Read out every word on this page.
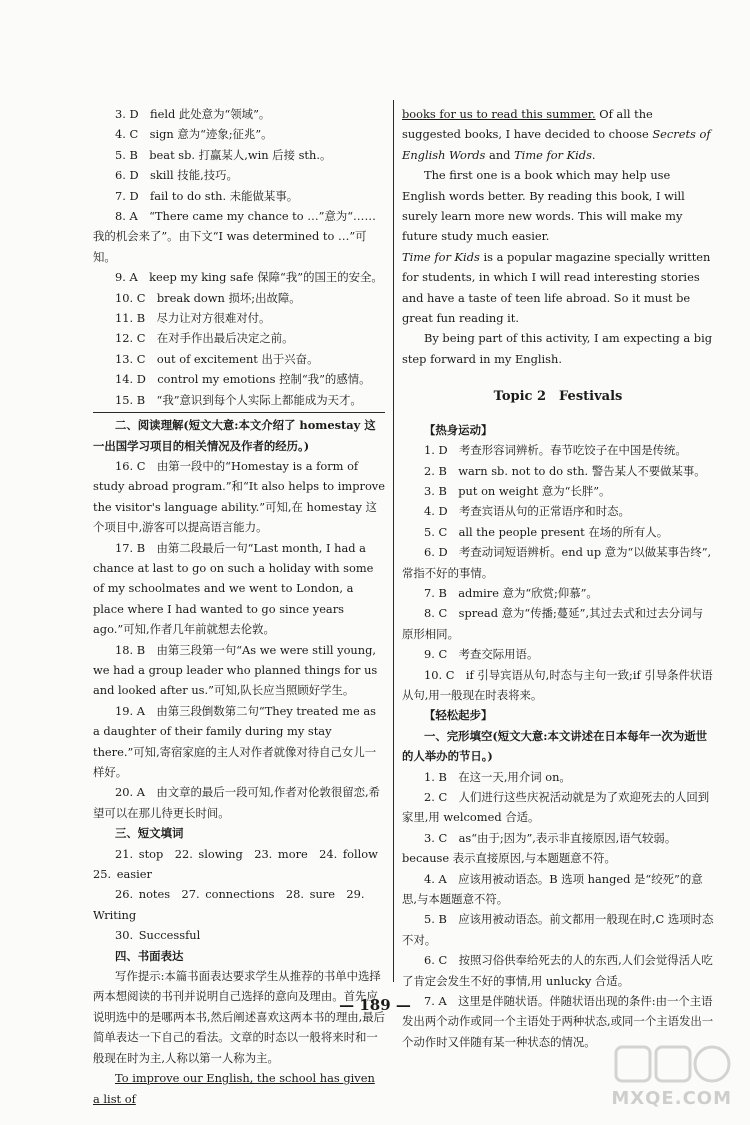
3. D　field 此处意为“领域”。

4. C　sign 意为“迹象;征兆”。

5. B　beat sb. 打赢某人,win 后接 sth.。

6. D　skill 技能,技巧。

7. D　fail to do sth. 未能做某事。

8. A　“There came my chance to …”意为“……我的机会来了”。由下文“I was determined to …”可知。

9. A　keep my king safe 保障“我”的国王的安全。

10. C　break down 损坏;出故障。

11. B　尽力让对方很难对付。

12. C　在对手作出最后决定之前。

13. C　out of excitement 出于兴奋。

14. D　control my emotions 控制“我”的感情。

15. B　“我”意识到每个人实际上都能成为天才。

二、阅读理解(短文大意:本文介绍了 homestay 这一出国学习项目的相关情况及作者的经历。)

16. C　由第一段中的“Homestay is a form of study abroad program.”和“It also helps to improve the visitor's language ability.”可知,在 homestay 这个项目中,游客可以提高语言能力。

17. B　由第二段最后一句“Last month, I had a chance at last to go on such a holiday with some of my schoolmates and we went to London, a place where I had wanted to go since years ago.”可知,作者几年前就想去伦敦。

18. B　由第三段第一句“As we were still young, we had a group leader who planned things for us and looked after us.”可知,队长应当照顾好学生。

19. A　由第三段倒数第二句“They treated me as a daughter of their family during my stay there.”可知,寄宿家庭的主人对作者就像对待自己女儿一样好。

20. A　由文章的最后一段可知,作者对伦敦很留恋,希望可以在那儿待更长时间。

三、短文填词

21. stop　22. slowing　23. more　24. follow　25. easier

26. notes　27. connections　28. sure　29. Writing

30. Successful

四、书面表达

写作提示:本篇书面表达要求学生从推荐的书单中选择两本想阅读的书刊并说明自己选择的意向及理由。首先应说明选中的是哪两本书,然后阐述喜欢这两本书的理由,最后简单表达一下自己的看法。文章的时态以一般将来时和一般现在时为主,人称以第一人称为主。

To improve our English, the school has given a list of

books for us to read this summer. Of all the suggested books, I have decided to choose Secrets of English Words and Time for Kids.

The first one is a book which may help use English words better. By reading this book, I will surely learn more new words. This will make my future study much easier.

Time for Kids is a popular magazine specially written for students, in which I will read interesting stories and have a taste of teen life abroad. So it must be great fun reading it.

By being part of this activity, I am expecting a big step forward in my English.

Topic 2　Festivals

【热身运动】

1. D　考查形容词辨析。春节吃饺子在中国是传统。

2. B　warn sb. not to do sth. 警告某人不要做某事。

3. B　put on weight 意为“长胖”。

4. D　考查宾语从句的正常语序和时态。

5. C　all the people present 在场的所有人。

6. D　考查动词短语辨析。end up 意为“以做某事告终”,常指不好的事情。

7. B　admire 意为“欣赏;仰慕”。

8. C　spread 意为“传播;蔓延”,其过去式和过去分词与原形相同。

9. C　考查交际用语。

10. C　if 引导宾语从句,时态与主句一致;if 引导条件状语从句,用一般现在时表将来。

【轻松起步】

一、完形填空(短文大意:本文讲述在日本每年一次为逝世的人举办的节日。)

1. B　在这一天,用介词 on。

2. C　人们进行这些庆祝活动就是为了欢迎死去的人回到家里,用 welcomed 合适。

3. C　as“由于;因为”,表示非直接原因,语气较弱。because 表示直接原因,与本题题意不符。

4. A　应该用被动语态。B 选项 hanged 是“绞死”的意思,与本题题意不符。

5. B　应该用被动语态。前文都用一般现在时,C 选项时态不对。

6. C　按照习俗供奉给死去的人的东西,人们会觉得活人吃了肯定会发生不好的事情,用 unlucky 合适。

7. A　这里是伴随状语。伴随状语出现的条件:由一个主语发出两个动作或同一个主语处于两种状态,或同一个主语发出一个动作时又伴随有某一种状态的情况。

— 189 —
MXQE.COM
